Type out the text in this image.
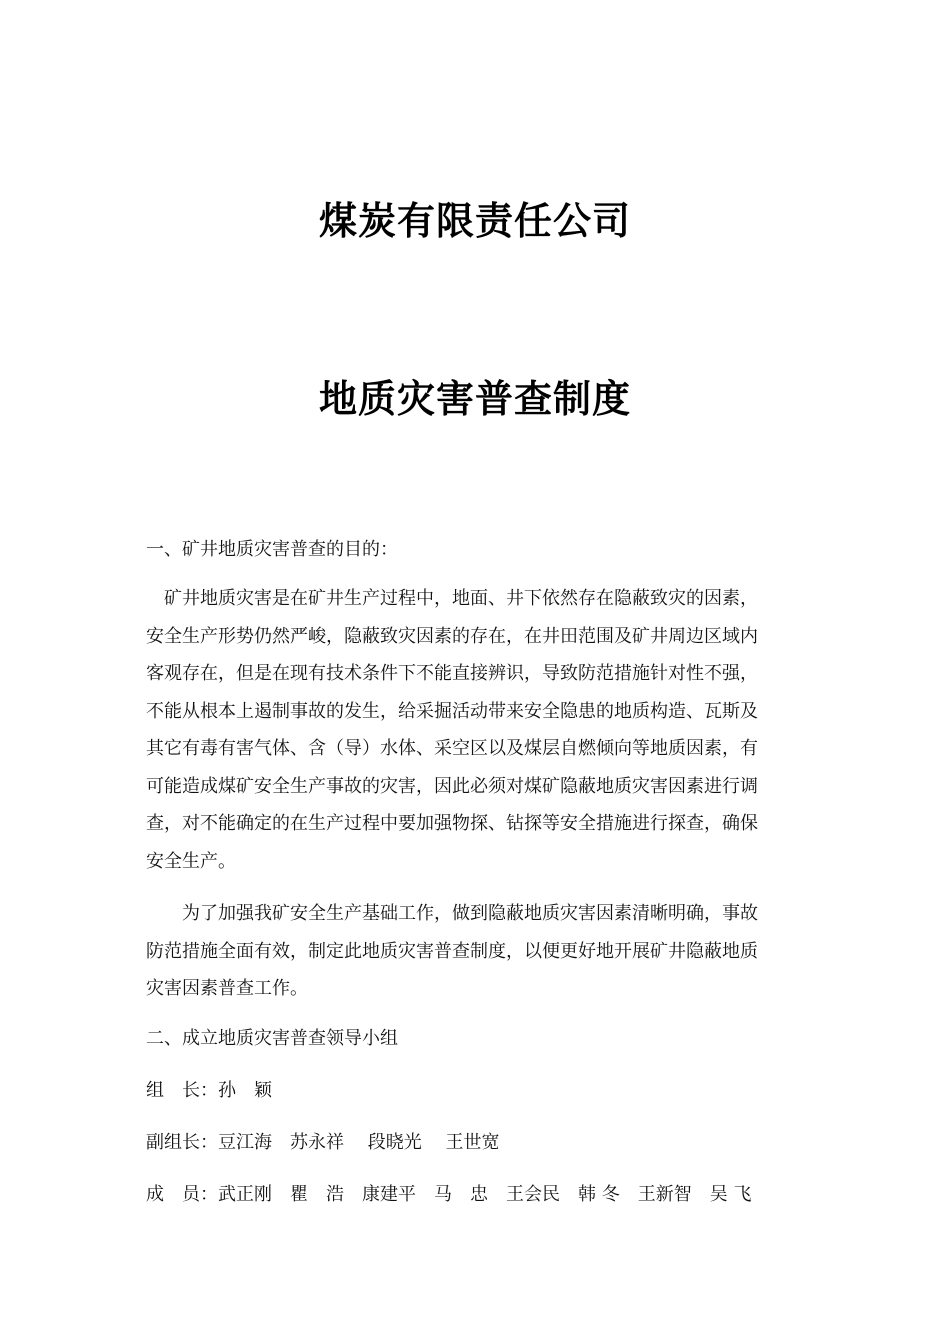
煤炭有限责任公司
地质灾害普查制度
一、矿井地质灾害普查的目的：
　矿井地质灾害是在矿井生产过程中，地面、井下依然存在隐蔽致灾的因素，
安全生产形势仍然严峻，隐蔽致灾因素的存在，在井田范围及矿井周边区域内
客观存在，但是在现有技术条件下不能直接辨识，导致防范措施针对性不强，
不能从根本上遏制事故的发生，给采掘活动带来安全隐患的地质构造、瓦斯及
其它有毒有害气体、含（导）水体、采空区以及煤层自燃倾向等地质因素，有
可能造成煤矿安全生产事故的灾害，因此必须对煤矿隐蔽地质灾害因素进行调
查，对不能确定的在生产过程中要加强物探、钻探等安全措施进行探查，确保
安全生产。
　　为了加强我矿安全生产基础工作，做到隐蔽地质灾害因素清晰明确，事故
防范措施全面有效，制定此地质灾害普查制度，以便更好地开展矿井隐蔽地质
灾害因素普查工作。
二、成立地质灾害普查领导小组
组　长：孙　颖
副组长：豆江海　苏永祥　 段晓光　 王世宽
成　员：武正刚　瞿　浩　康建平　马　忠　王会民　韩 冬　王新智　吴 飞
